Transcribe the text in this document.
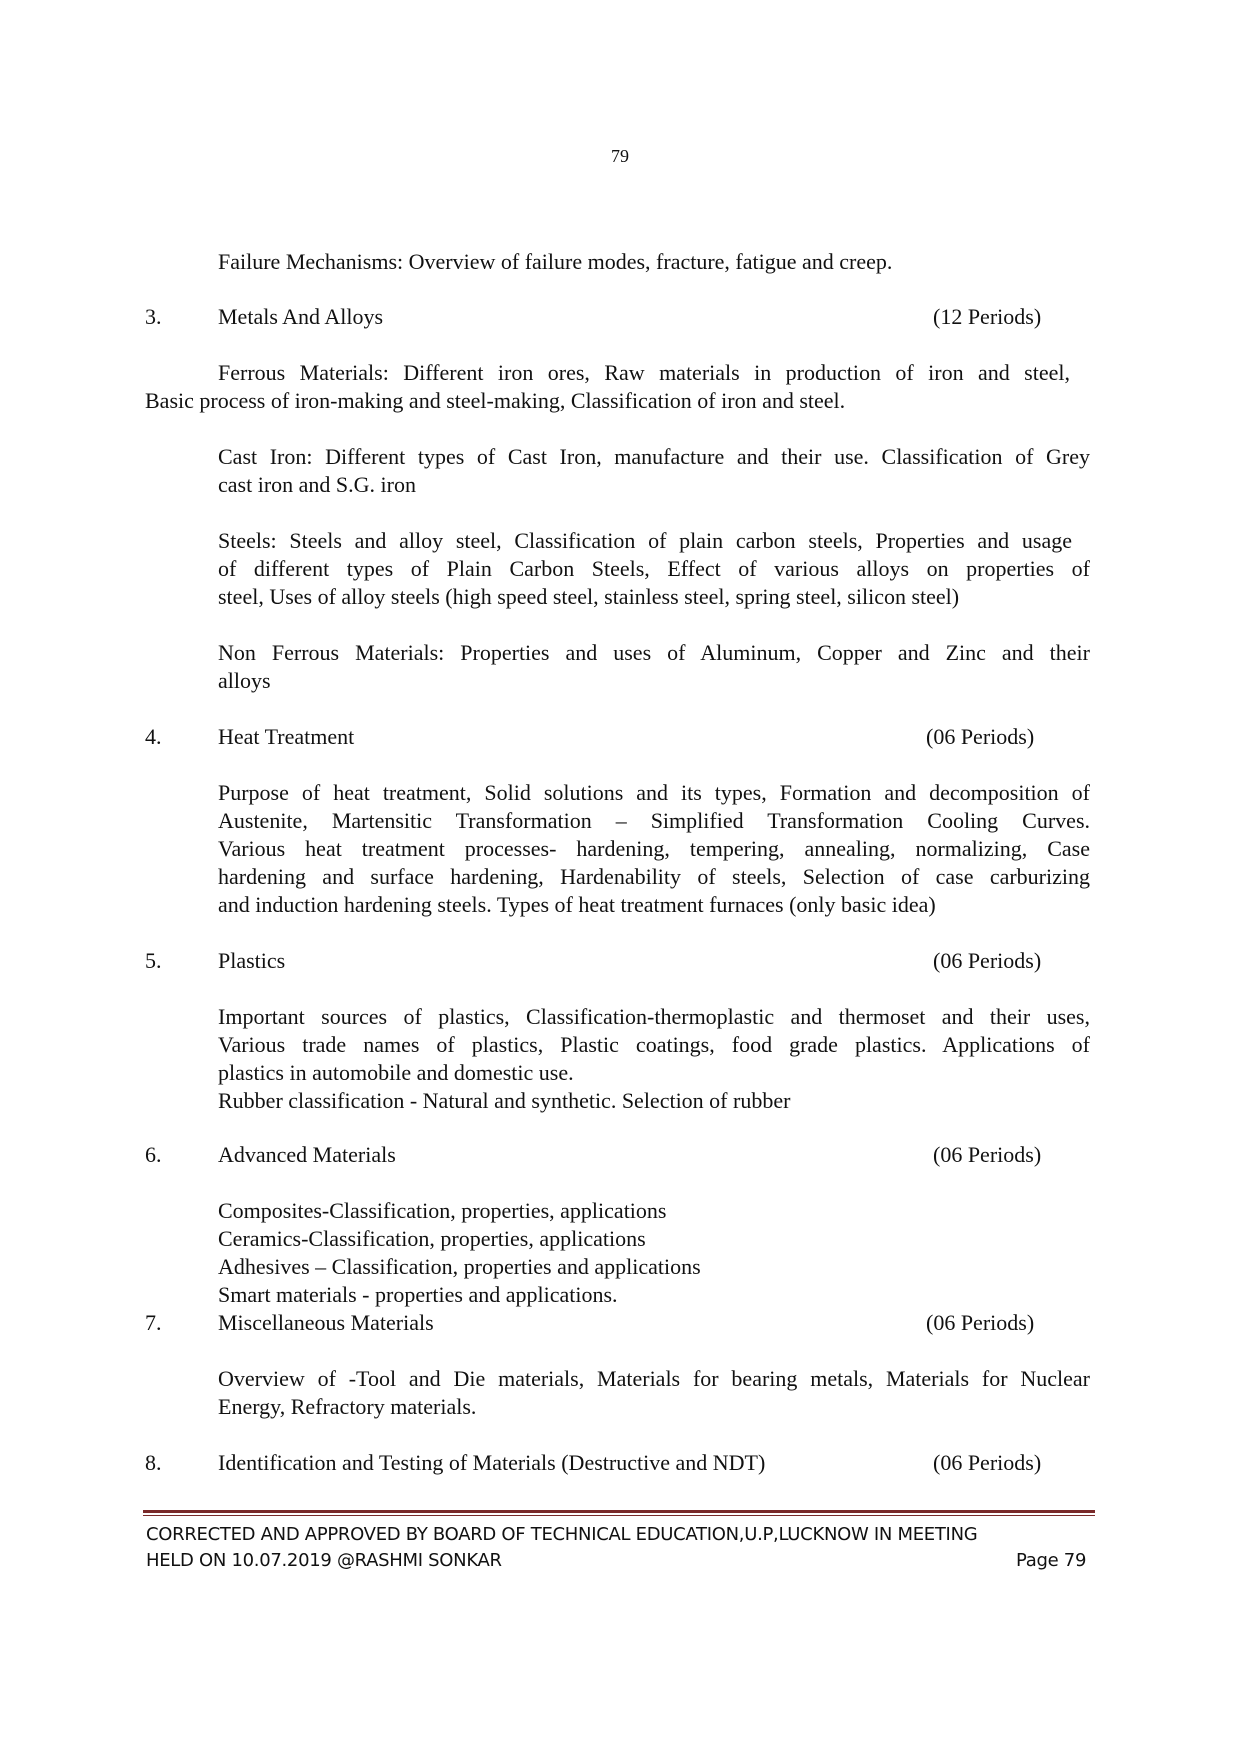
79
Failure Mechanisms: Overview of failure modes, fracture, fatigue and creep.
3.	Metals And Alloys	(12 Periods)
Ferrous Materials: Different iron ores, Raw materials in production of iron and steel,
Basic process of iron-making and steel-making, Classification of iron and steel.
Cast Iron: Different types of Cast Iron, manufacture and their use. Classification of Grey
cast iron and S.G. iron
Steels: Steels and alloy steel, Classification of plain carbon steels, Properties and usage
of different types of Plain Carbon Steels, Effect of various alloys on properties of
steel, Uses of alloy steels (high speed steel, stainless steel, spring steel, silicon steel)
Non Ferrous Materials: Properties and uses of Aluminum, Copper and Zinc and their
alloys
4.	Heat Treatment	(06 Periods)
Purpose of heat treatment, Solid solutions and its types, Formation and decomposition of
Austenite, Martensitic Transformation – Simplified Transformation Cooling Curves.
Various heat treatment processes- hardening, tempering, annealing, normalizing, Case
hardening and surface hardening, Hardenability of steels, Selection of case carburizing
and induction hardening steels. Types of heat treatment furnaces (only basic idea)
5.	Plastics	(06 Periods)
Important sources of plastics, Classification-thermoplastic and thermoset and their uses,
Various trade names of plastics, Plastic coatings, food grade plastics. Applications of
plastics in automobile and domestic use.
Rubber classification - Natural and synthetic. Selection of rubber
6.	Advanced Materials	(06 Periods)
Composites-Classification, properties, applications
Ceramics-Classification, properties, applications
Adhesives – Classification, properties and applications
Smart materials - properties and applications.
7.	Miscellaneous Materials	(06 Periods)
Overview of -Tool and Die materials, Materials for bearing metals, Materials for Nuclear
Energy, Refractory materials.
8.	Identification and Testing of Materials (Destructive and NDT)	(06 Periods)
CORRECTED AND APPROVED BY BOARD OF TECHNICAL EDUCATION,U.P,LUCKNOW IN MEETING
HELD ON 10.07.2019 @RASHMI SONKAR	Page 79
